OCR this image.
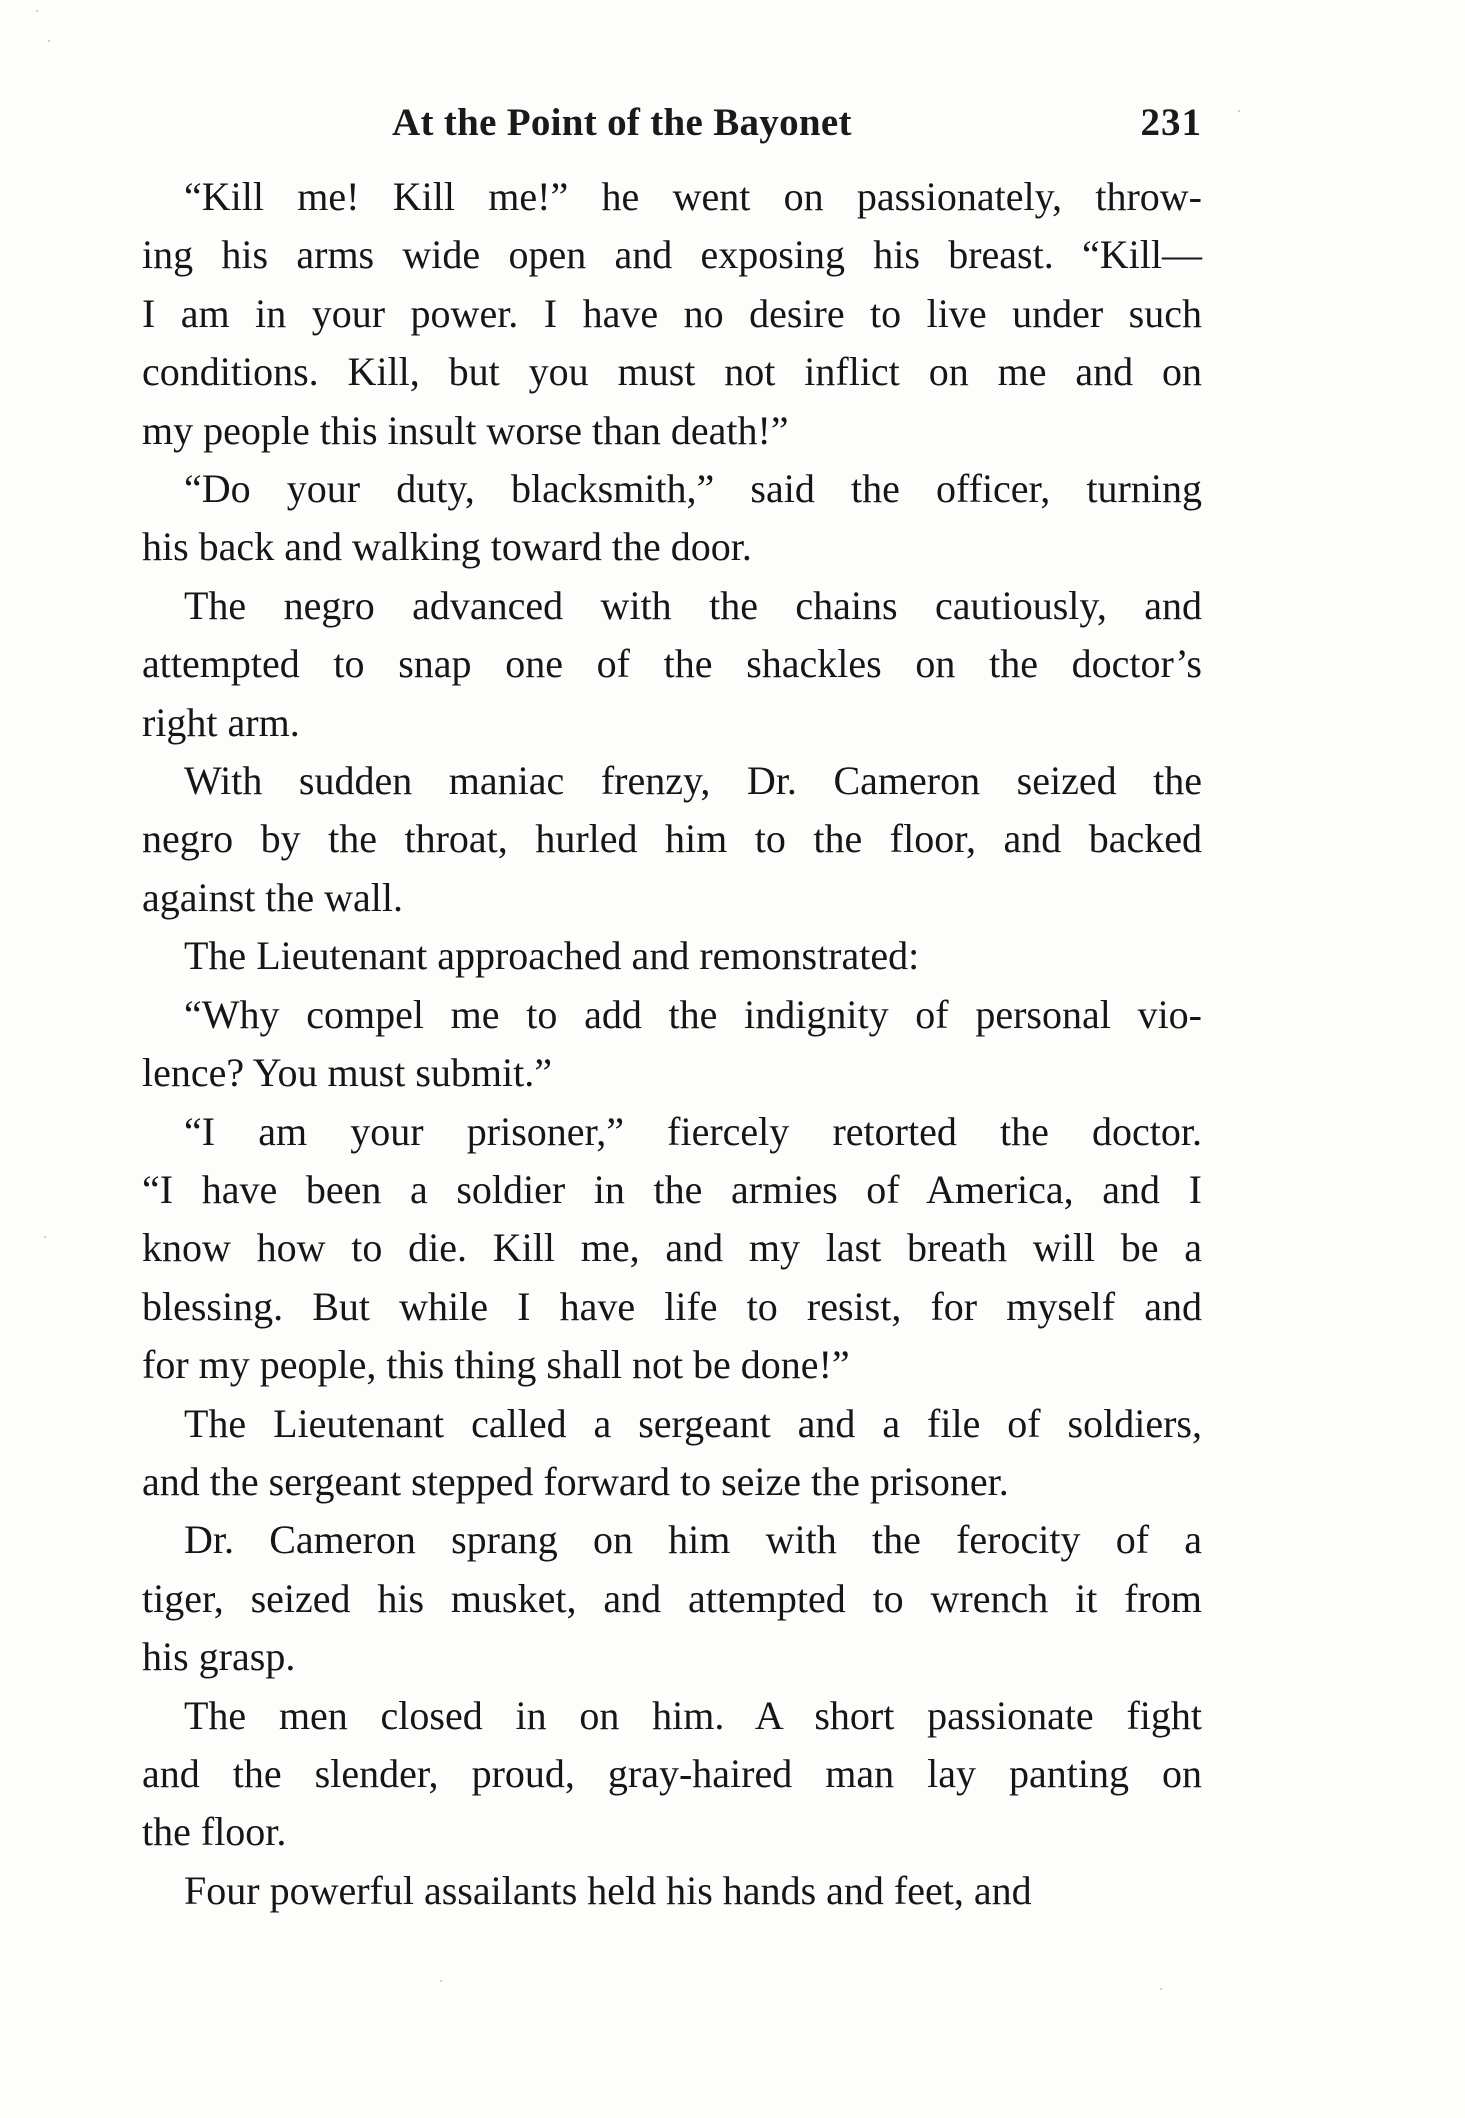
At the Point of the Bayonet	231

“Kill me! Kill me!” he went on passionately, throw-
ing his arms wide open and exposing his breast. “Kill—
I am in your power. I have no desire to live under such
conditions. Kill, but you must not inflict on me and on
my people this insult worse than death!”

“Do your duty, blacksmith,” said the officer, turning
his back and walking toward the door.

The negro advanced with the chains cautiously, and
attempted to snap one of the shackles on the doctor’s
right arm.

With sudden maniac frenzy, Dr. Cameron seized the
negro by the throat, hurled him to the floor, and backed
against the wall.

The Lieutenant approached and remonstrated:

“Why compel me to add the indignity of personal vio-
lence? You must submit.”

“I am your prisoner,” fiercely retorted the doctor.
“I have been a soldier in the armies of America, and I
know how to die. Kill me, and my last breath will be a
blessing. But while I have life to resist, for myself and
for my people, this thing shall not be done!”

The Lieutenant called a sergeant and a file of soldiers,
and the sergeant stepped forward to seize the prisoner.

Dr. Cameron sprang on him with the ferocity of a
tiger, seized his musket, and attempted to wrench it from
his grasp.

The men closed in on him. A short passionate fight
and the slender, proud, gray-haired man lay panting on
the floor.

Four powerful assailants held his hands and feet, and
